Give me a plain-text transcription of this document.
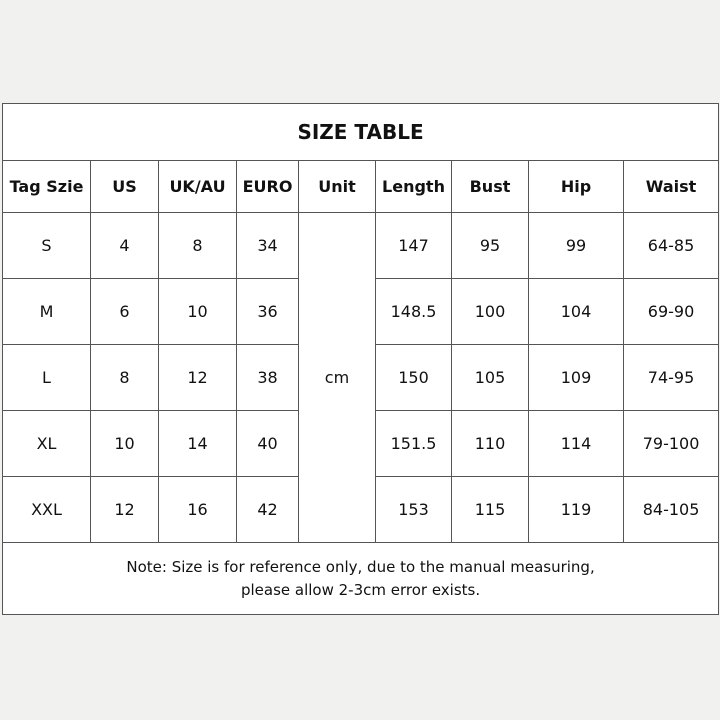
SIZE TABLE								
Tag Szie	US	UK/AU	EURO	Unit	Length	Bust	Hip	Waist
S	4	8	34	cm	147	95	99	64-85
M	6	10	36		148.5	100	104	69-90
L	8	12	38		150	105	109	74-95
XL	10	14	40		151.5	110	114	79-100
XXL	12	16	42		153	115	119	84-105

Note: Size is for reference only, due to the manual measuring,
please allow 2-3cm error exists.								
